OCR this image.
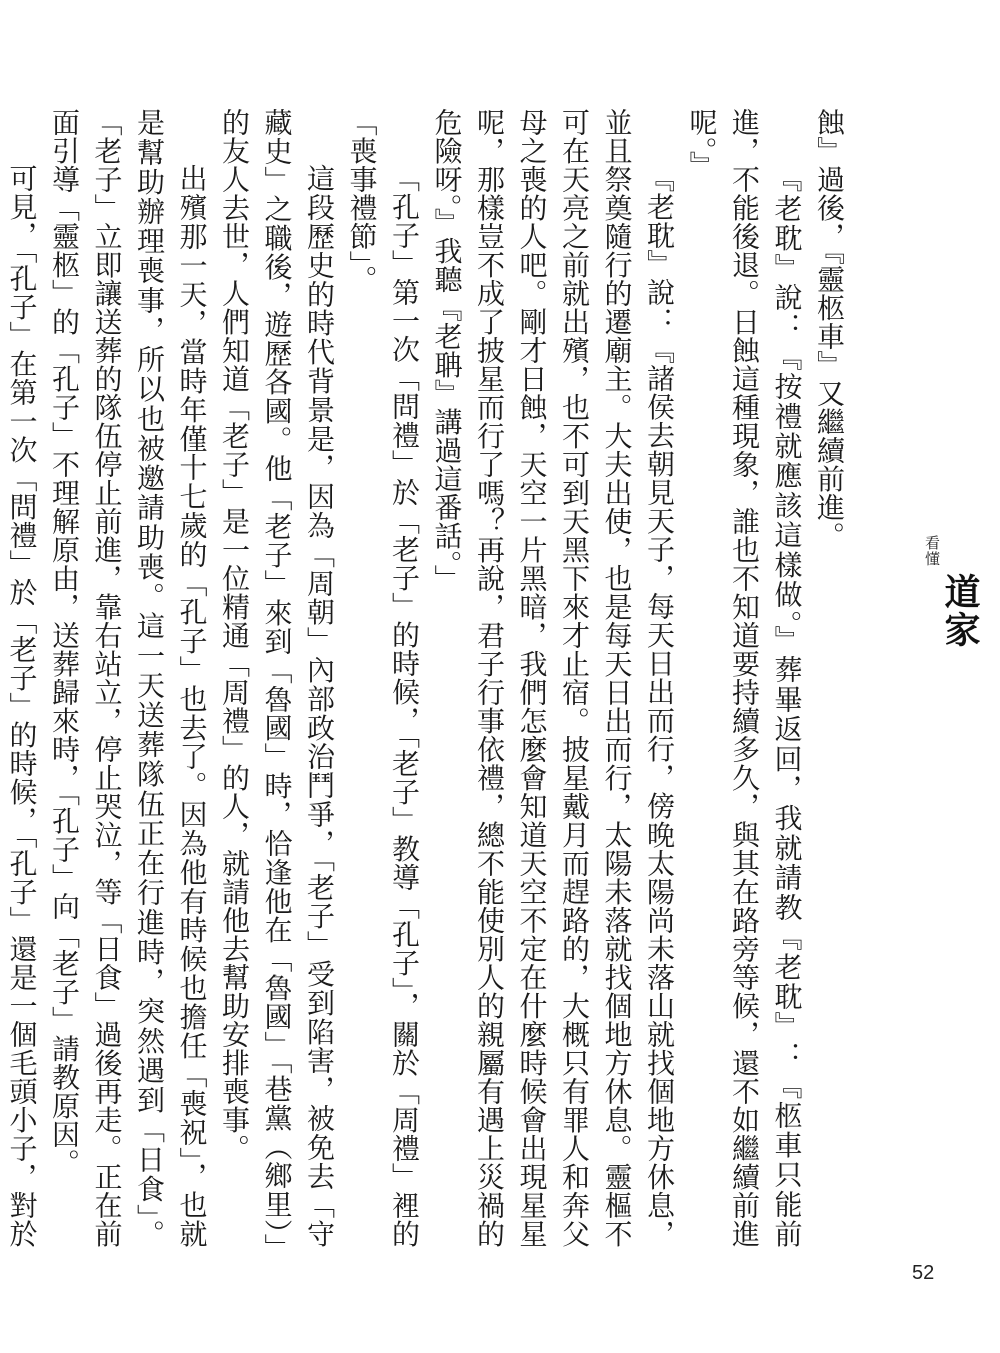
看懂
道家

蝕』過後，『靈柩車』又繼續前進。

『老耽』說：『按禮就應該這樣做。』葬畢返回，我就請教『老耽』：『柩車只能前進，不能後退。日蝕這種現象，誰也不知道要持續多久，與其在路旁等候，還不如繼續前進呢。』

『老耽』說：『諸侯去朝見天子，每天日出而行，傍晚太陽尚未落山就找個地方休息，並且祭奠隨行的遷廟主。大夫出使，也是每天日出而行，太陽未落就找個地方休息。靈樞不可在天亮之前就出殯，也不可到天黑下來才止宿。披星戴月而趕路的，大概只有罪人和奔父母之喪的人吧。剛才日蝕，天空一片黑暗，我們怎麼會知道天空不定在什麼時候會出現星星呢，那樣豈不成了披星而行了嗎？再說，君子行事依禮，總不能使別人的親屬有遇上災禍的危險呀。』我聽『老聃』講過這番話。」

「孔子」第一次「問禮」於「老子」的時候，「老子」教導「孔子」，關於「周禮」裡的「喪事禮節」。

這段歷史的時代背景是，因為「周朝」內部政治鬥爭，「老子」受到陷害，被免去「守藏史」之職後，遊歷各國。他「老子」來到「魯國」時，恰逢他在「魯國」「巷黨（鄉里）」的友人去世，人們知道「老子」是一位精通「周禮」的人，就請他去幫助安排喪事。

出殯那一天，當時年僅十七歲的「孔子」也去了。因為他有時候也擔任「喪祝」，也就是幫助辦理喪事，所以也被邀請助喪。這一天送葬隊伍正在行進時，突然遇到「日食」。「老子」立即讓送葬的隊伍停止前進，靠右站立，停止哭泣，等「日食」過後再走。正在前面引導「靈柩」的「孔子」不理解原由，送葬歸來時，「孔子」向「老子」請教原因。

可見，「孔子」在第一次「問禮」於「老子」的時候，「孔子」還是一個毛頭小子，對於

52
